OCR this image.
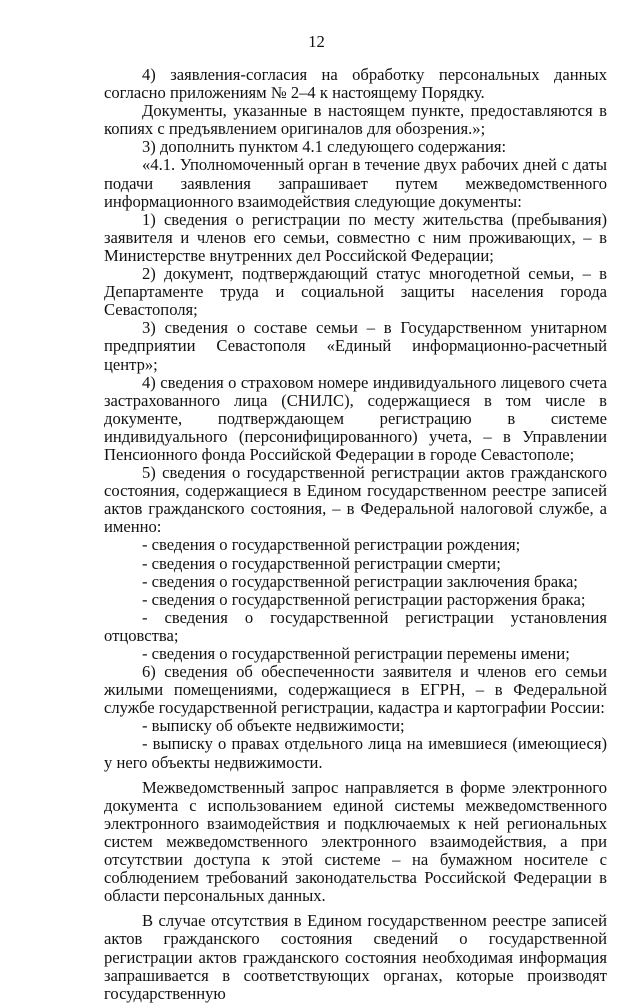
12

4) заявления-согласия на обработку персональных данных согласно приложениям № 2–4 к настоящему Порядку.

Документы, указанные в настоящем пункте, предоставляются в копиях с предъявлением оригиналов для обозрения.»;

3) дополнить пунктом 4.1 следующего содержания:

«4.1. Уполномоченный орган в течение двух рабочих дней с даты подачи заявления запрашивает путем межведомственного информационного взаимодействия следующие документы:

1) сведения о регистрации по месту жительства (пребывания) заявителя и членов его семьи, совместно с ним проживающих, – в Министерстве внутренних дел Российской Федерации;

2) документ, подтверждающий статус многодетной семьи, – в Департаменте труда и социальной защиты населения города Севастополя;

3) сведения о составе семьи – в Государственном унитарном предприятии Севастополя «Единый информационно-расчетный центр»;

4) сведения о страховом номере индивидуального лицевого счета застрахованного лица (СНИЛС), содержащиеся в том числе в документе, подтверждающем регистрацию в системе индивидуального (персонифицированного) учета, – в Управлении Пенсионного фонда Российской Федерации в городе Севастополе;

5) сведения о государственной регистрации актов гражданского состояния, содержащиеся в Едином государственном реестре записей актов гражданского состояния, – в Федеральной налоговой службе, а именно:

- сведения о государственной регистрации рождения;

- сведения о государственной регистрации смерти;

- сведения о государственной регистрации заключения брака;

- сведения о государственной регистрации расторжения брака;

- сведения о государственной регистрации установления отцовства;

- сведения о государственной регистрации перемены имени;

6) сведения об обеспеченности заявителя и членов его семьи жилыми помещениями, содержащиеся в ЕГРН, – в Федеральной службе государственной регистрации, кадастра и картографии России:

- выписку об объекте недвижимости;

- выписку о правах отдельного лица на имевшиеся (имеющиеся) у него объекты недвижимости.

Межведомственный запрос направляется в форме электронного документа с использованием единой системы межведомственного электронного взаимодействия и подключаемых к ней региональных систем межведомственного электронного взаимодействия, а при отсутствии доступа к этой системе – на бумажном носителе с соблюдением требований законодательства Российской Федерации в области персональных данных.

В случае отсутствия в Едином государственном реестре записей актов гражданского состояния сведений о государственной регистрации актов гражданского состояния необходимая информация запрашивается в соответствующих органах, которые производят государственную
